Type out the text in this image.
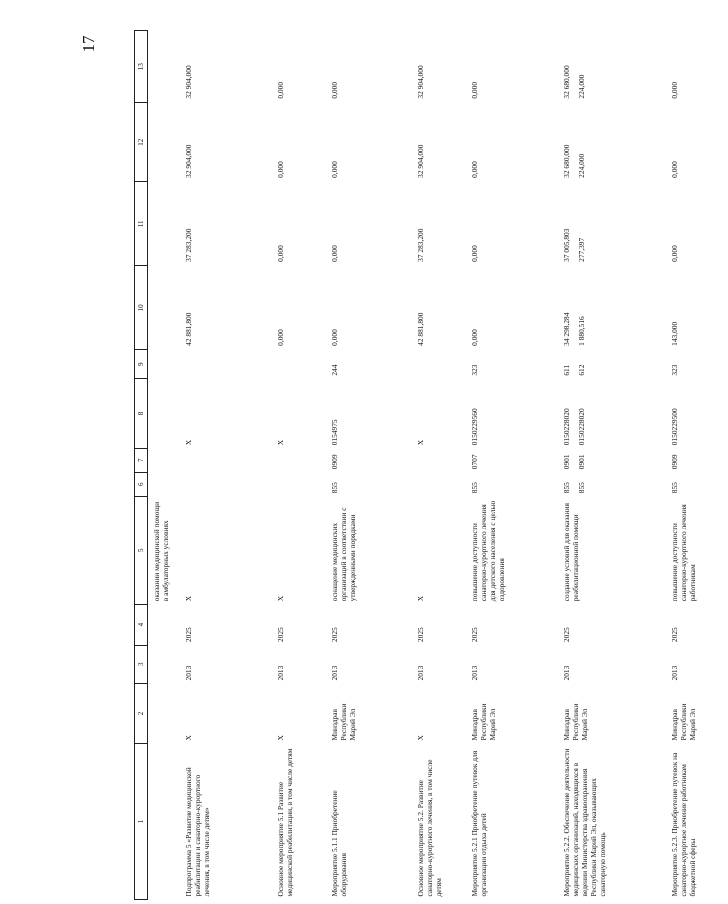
17
1	2	3	4	5	6	7	8	9	10	11	12	13
				оказании медицинской помощи в амбулаторных условиях								

Подпрограмма 5 «Развитие медицинской реабилитации и санаторно-курортного лечения, в том числе детям»	X	2013	2025	X			X		42 881,800	37 283,200	32 904,000	32 904,000

Основное мероприятие 5.1 Развитие медицинской реабилитации, в том числе детям	X	2013	2025	X			X		0,000	0,000	0,000	0,000

Мероприятие 5.1.1 Приобретение оборудования	Минздрав Республики Марий Эл	2013	2025	оснащение медицинских организаций в соответствии с утвержденными порядками	855	0909	0154975	244	0,000	0,000	0,000	0,000

Основное мероприятие 5.2. Развитие санаторно-курортного лечения, в том числе детям	X	2013	2025	X			X		42 881,800	37 283,200	32 904,000	32 904,000

Мероприятие 5.2.1 Приобретение путевок для организации отдыха детей	Минздрав Республики Марий Эл	2013	2025	повышение доступности санаторно-курортного лечения для детского населения с целью оздоровления	855	0707	0150229560	323	0,000	0,000	0,000	0,000

Мероприятие 5.2.2. Обеспечение деятельности медицинских организаций, находящихся в ведении Министерства здравоохранения Республики Марий Эл, оказывающих санаторную помощь	Минздрав Республики Марий Эл	2013	2025	создание условий для оказания реабилитационной помощи	855 855	0901 0901	0150228020 0150228020	611 612	34 298,284 1 880,516	37 005,803 277,397	32 680,000 224,000	32 680,000 224,000

Мероприятие 5.2.3. Приобретение путевок на санаторно-курортное лечение работникам бюджетной сферы	Минздрав Республики Марий Эл	2013	2025	повышение доступности санаторно-курортного лечения работникам	855	0909	0150229500	323	143,000	0,000	0,000	0,000
